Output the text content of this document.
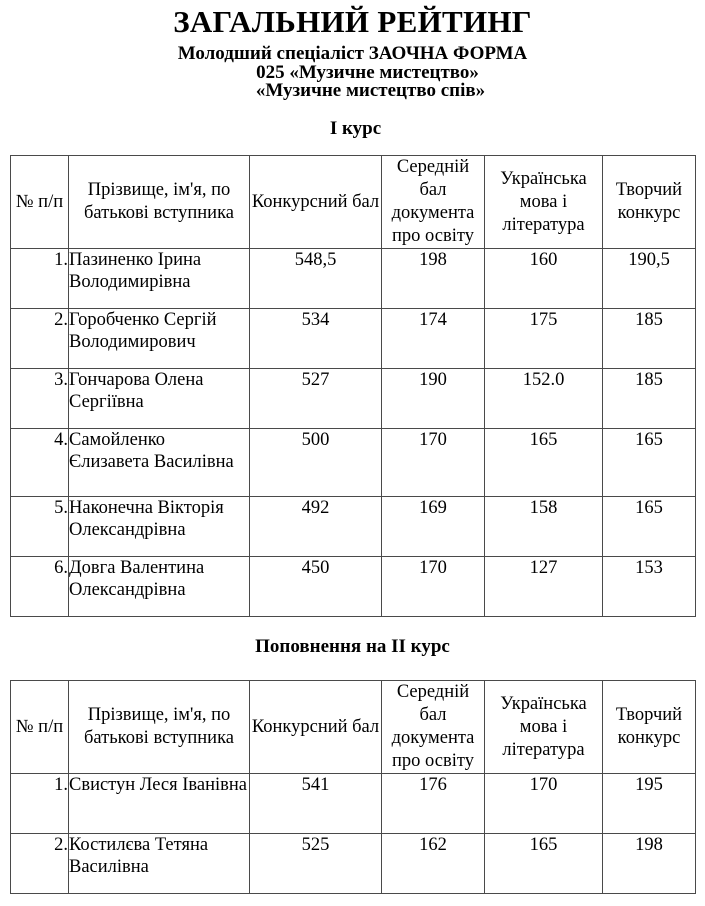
ЗАГАЛЬНИЙ РЕЙТИНГ
Молодший спеціаліст ЗАОЧНА ФОРМА
025 «Музичне мистецтво»
«Музичне мистецтво спів»
І курс
№ п/п	Прізвище, ім'я, по батькові вступника	Конкурсний бал	Середній бал документа про освіту	Українська мова і література	Творчий конкурс
1.	Пазиненко Ірина Володимирівна	548,5	198	160	190,5
2.	Горобченко Сергій Володимирович	534	174	175	185
3.	Гончарова Олена Сергіївна	527	190	152.0	185
4.	Самойленко Єлизавета Василівна	500	170	165	165
5.	Наконечна Вікторія Олександрівна	492	169	158	165
6.	Довга Валентина Олександрівна	450	170	127	153
Поповнення на ІІ курс
№ п/п	Прізвище, ім'я, по батькові вступника	Конкурсний бал	Середній бал документа про освіту	Українська мова і література	Творчий конкурс
1.	Свистун Леся Іванівна	541	176	170	195
2.	Костилєва Тетяна Василівна	525	162	165	198
